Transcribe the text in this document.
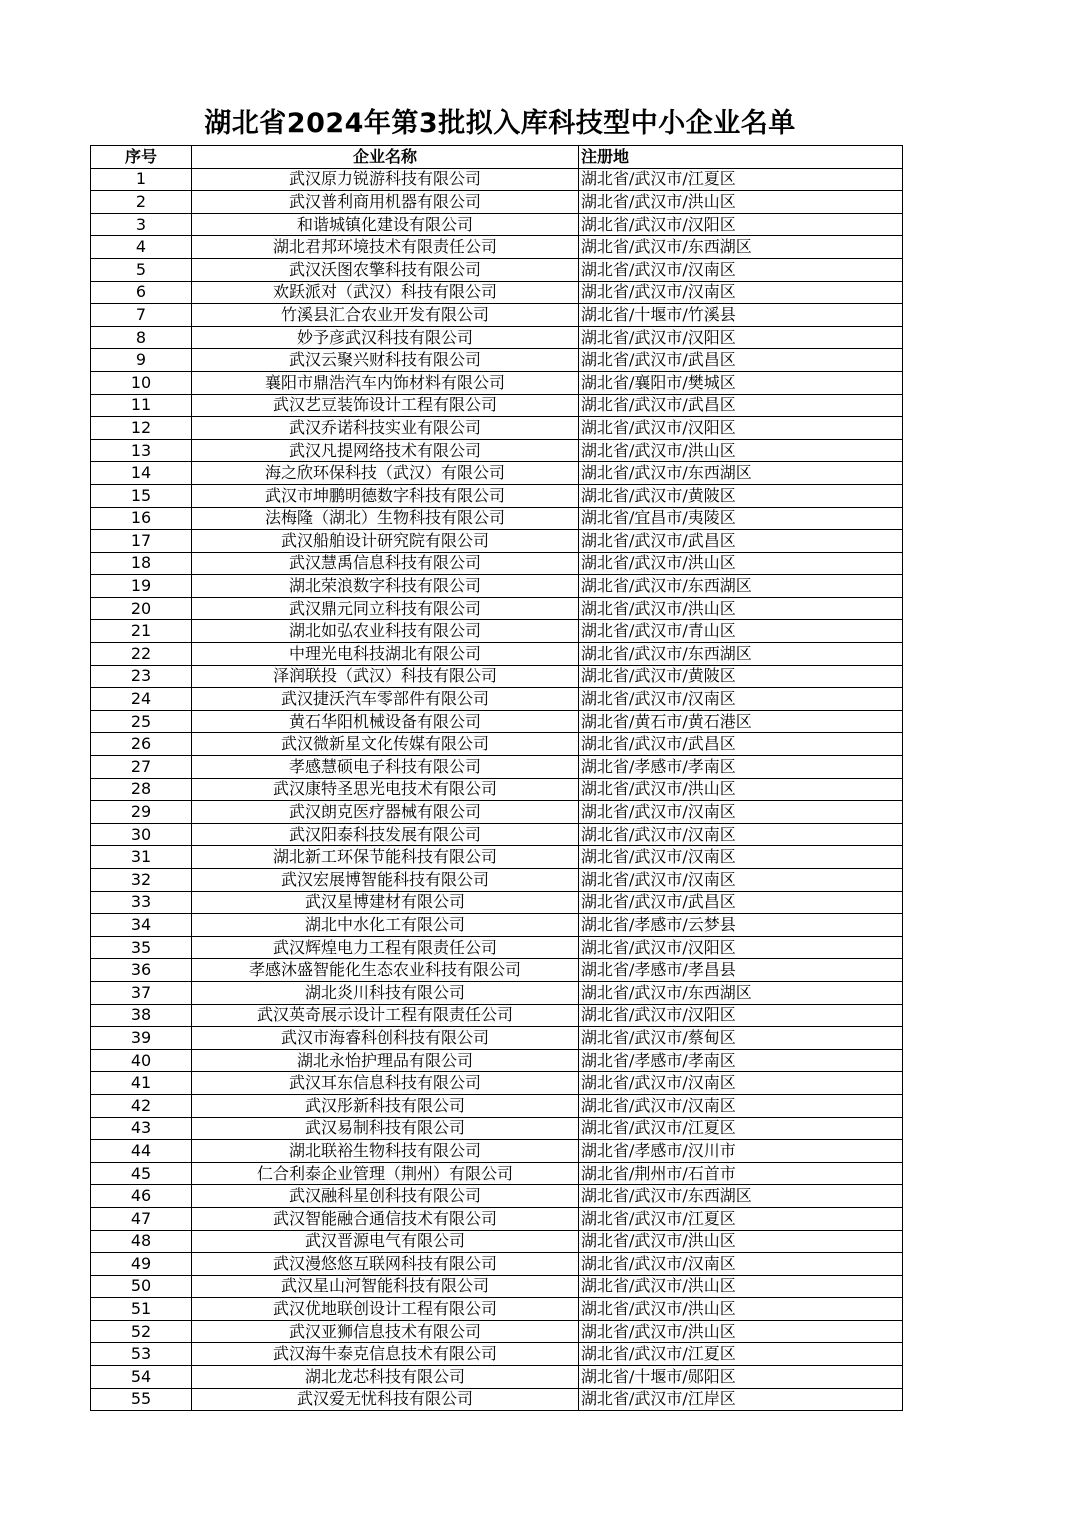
湖北省2024年第3批拟入库科技型中小企业名单
序号	企业名称	注册地
1	武汉原力锐游科技有限公司	湖北省/武汉市/江夏区
2	武汉普利商用机器有限公司	湖北省/武汉市/洪山区
3	和谐城镇化建设有限公司	湖北省/武汉市/汉阳区
4	湖北君邦环境技术有限责任公司	湖北省/武汉市/东西湖区
5	武汉沃图农擎科技有限公司	湖北省/武汉市/汉南区
6	欢跃派对（武汉）科技有限公司	湖北省/武汉市/汉南区
7	竹溪县汇合农业开发有限公司	湖北省/十堰市/竹溪县
8	妙予彦武汉科技有限公司	湖北省/武汉市/汉阳区
9	武汉云聚兴财科技有限公司	湖北省/武汉市/武昌区
10	襄阳市鼎浩汽车内饰材料有限公司	湖北省/襄阳市/樊城区
11	武汉艺豆装饰设计工程有限公司	湖北省/武汉市/武昌区
12	武汉乔诺科技实业有限公司	湖北省/武汉市/汉阳区
13	武汉凡提网络技术有限公司	湖北省/武汉市/洪山区
14	海之欣环保科技（武汉）有限公司	湖北省/武汉市/东西湖区
15	武汉市坤鹏明德数字科技有限公司	湖北省/武汉市/黄陂区
16	法梅隆（湖北）生物科技有限公司	湖北省/宜昌市/夷陵区
17	武汉船舶设计研究院有限公司	湖北省/武汉市/武昌区
18	武汉慧禹信息科技有限公司	湖北省/武汉市/洪山区
19	湖北荣浪数字科技有限公司	湖北省/武汉市/东西湖区
20	武汉鼎元同立科技有限公司	湖北省/武汉市/洪山区
21	湖北如弘农业科技有限公司	湖北省/武汉市/青山区
22	中理光电科技湖北有限公司	湖北省/武汉市/东西湖区
23	泽润联投（武汉）科技有限公司	湖北省/武汉市/黄陂区
24	武汉捷沃汽车零部件有限公司	湖北省/武汉市/汉南区
25	黄石华阳机械设备有限公司	湖北省/黄石市/黄石港区
26	武汉微新星文化传媒有限公司	湖北省/武汉市/武昌区
27	孝感慧硕电子科技有限公司	湖北省/孝感市/孝南区
28	武汉康特圣思光电技术有限公司	湖北省/武汉市/洪山区
29	武汉朗克医疗器械有限公司	湖北省/武汉市/汉南区
30	武汉阳泰科技发展有限公司	湖北省/武汉市/汉南区
31	湖北新工环保节能科技有限公司	湖北省/武汉市/汉南区
32	武汉宏展博智能科技有限公司	湖北省/武汉市/汉南区
33	武汉星博建材有限公司	湖北省/武汉市/武昌区
34	湖北中水化工有限公司	湖北省/孝感市/云梦县
35	武汉辉煌电力工程有限责任公司	湖北省/武汉市/汉阳区
36	孝感沐盛智能化生态农业科技有限公司	湖北省/孝感市/孝昌县
37	湖北炎川科技有限公司	湖北省/武汉市/东西湖区
38	武汉英奇展示设计工程有限责任公司	湖北省/武汉市/汉阳区
39	武汉市海睿科创科技有限公司	湖北省/武汉市/蔡甸区
40	湖北永怡护理品有限公司	湖北省/孝感市/孝南区
41	武汉耳东信息科技有限公司	湖北省/武汉市/汉南区
42	武汉彤新科技有限公司	湖北省/武汉市/汉南区
43	武汉易制科技有限公司	湖北省/武汉市/江夏区
44	湖北联裕生物科技有限公司	湖北省/孝感市/汉川市
45	仁合利泰企业管理（荆州）有限公司	湖北省/荆州市/石首市
46	武汉融科星创科技有限公司	湖北省/武汉市/东西湖区
47	武汉智能融合通信技术有限公司	湖北省/武汉市/江夏区
48	武汉晋源电气有限公司	湖北省/武汉市/洪山区
49	武汉漫悠悠互联网科技有限公司	湖北省/武汉市/汉南区
50	武汉星山河智能科技有限公司	湖北省/武汉市/洪山区
51	武汉优地联创设计工程有限公司	湖北省/武汉市/洪山区
52	武汉亚狮信息技术有限公司	湖北省/武汉市/洪山区
53	武汉海牛泰克信息技术有限公司	湖北省/武汉市/江夏区
54	湖北龙芯科技有限公司	湖北省/十堰市/郧阳区
55	武汉爱无忧科技有限公司	湖北省/武汉市/江岸区
